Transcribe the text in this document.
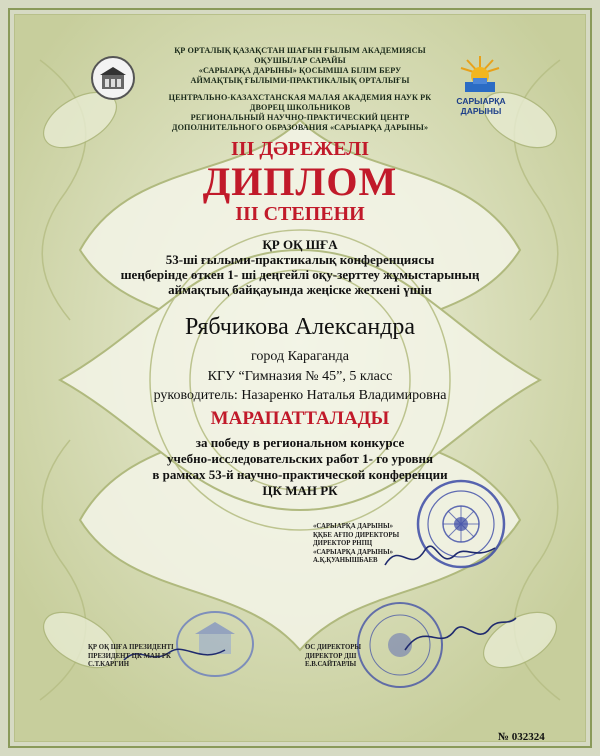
САРЫАРҚА ДАРЫНЫ
ҚР ОРТАЛЫҚ ҚАЗАҚСТАН ШАҒЫН ҒЫЛЫМ АКАДЕМИЯСЫ
ОҚУШЫЛАР САРАЙЫ
«САРЫАРҚА ДАРЫНЫ» ҚОСЫМША БІЛІМ БЕРУ
АЙМАҚТЫҚ ҒЫЛЫМИ-ПРАКТИКАЛЫҚ ОРТАЛЫҒЫ
ЦЕНТРАЛЬНО-КАЗАХСТАНСКАЯ МАЛАЯ АКАДЕМИЯ НАУК РК
ДВОРЕЦ ШКОЛЬНИКОВ
РЕГИОНАЛЬНЫЙ НАУЧНО-ПРАКТИЧЕСКИЙ ЦЕНТР
ДОПОЛНИТЕЛЬНОГО ОБРАЗОВАНИЯ «САРЫАРҚА ДАРЫНЫ»
III ДӘРЕЖЕЛІ
ДИПЛОМ
III СТЕПЕНИ
ҚР ОҚ ШҒА
53-ші ғылыми-практикалық конференциясы
шеңберінде өткен 1- ші деңгейлі оқу-зерттеу жұмыстарының
аймақтық байқауында жеңіске жеткені үшін
Рябчикова Александра
город Караганда
КГУ “Гимназия № 45”, 5 класс
руководитель: Назаренко Наталья Владимировна
МАРАПАТТАЛАДЫ
за победу в региональном конкурсе
учебно-исследовательских работ 1- го уровня
в рамках 53-й научно-практической конференции
ЦК МАН РК
«САРЫАРҚА ДАРЫНЫ»
ҚҚБЕ АҒПО ДИРЕКТОРЫ
ДИРЕКТОР РНПЦ
«САРЫАРҚА ДАРЫНЫ»
А.Қ.ҚУАНЫШБАЕВ
ҚР ОҚ ШҒА ПРЕЗИДЕНТІ
ПРЕЗИДЕНТ ЦК МАН РК
С.Т.КАРГИН
ОС ДИРЕКТОРЫ
ДИРЕКТОР ДШ
Е.В.САЙТАРЛЫ
№ 032324
